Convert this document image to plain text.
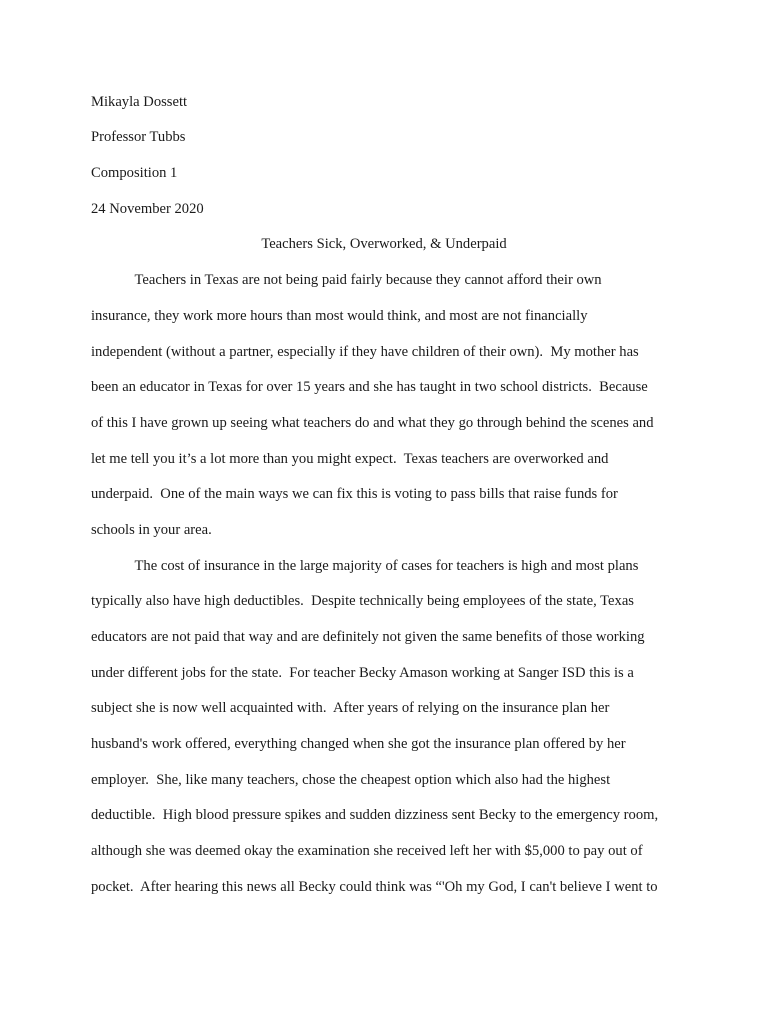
Mikayla Dossett
Professor Tubbs
Composition 1
24 November 2020
Teachers Sick, Overworked, & Underpaid
Teachers in Texas are not being paid fairly because they cannot afford their own
insurance, they work more hours than most would think, and most are not financially
independent (without a partner, especially if they have children of their own).  My mother has
been an educator in Texas for over 15 years and she has taught in two school districts.  Because
of this I have grown up seeing what teachers do and what they go through behind the scenes and
let me tell you it’s a lot more than you might expect.  Texas teachers are overworked and
underpaid.  One of the main ways we can fix this is voting to pass bills that raise funds for
schools in your area.
The cost of insurance in the large majority of cases for teachers is high and most plans
typically also have high deductibles.  Despite technically being employees of the state, Texas
educators are not paid that way and are definitely not given the same benefits of those working
under different jobs for the state.  For teacher Becky Amason working at Sanger ISD this is a
subject she is now well acquainted with.  After years of relying on the insurance plan her
husband's work offered, everything changed when she got the insurance plan offered by her
employer.  She, like many teachers, chose the cheapest option which also had the highest
deductible.  High blood pressure spikes and sudden dizziness sent Becky to the emergency room,
although she was deemed okay the examination she received left her with $5,000 to pay out of
pocket.  After hearing this news all Becky could think was “'Oh my God, I can't believe I went to
